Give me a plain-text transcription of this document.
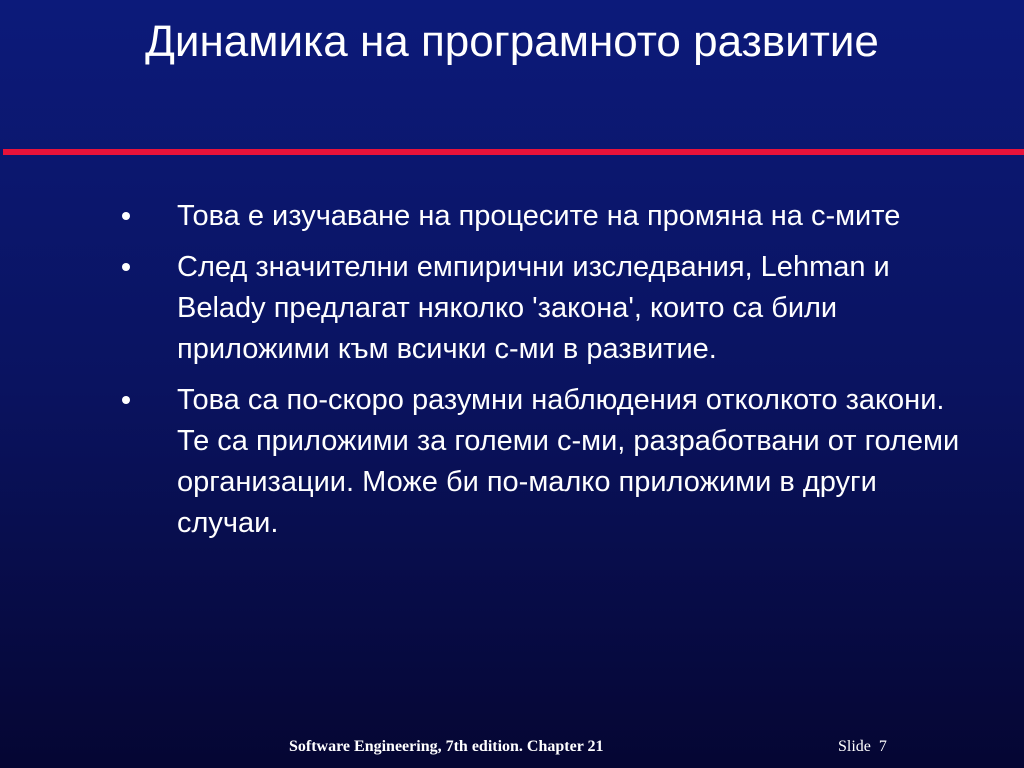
Динамика на програмното развитие
Това е изучаване на процесите на промяна на с-мите
След значителни емпирични изследвания, Lehman и Belady предлагат няколко 'закона', които са били приложими към всички с-ми в развитие.
Това са по-скоро разумни наблюдения отколкото закони. Те са приложими за големи с-ми, разработвани от големи организации. Може би по-малко приложими в други случаи.
Software Engineering, 7th edition. Chapter 21	Slide 7
